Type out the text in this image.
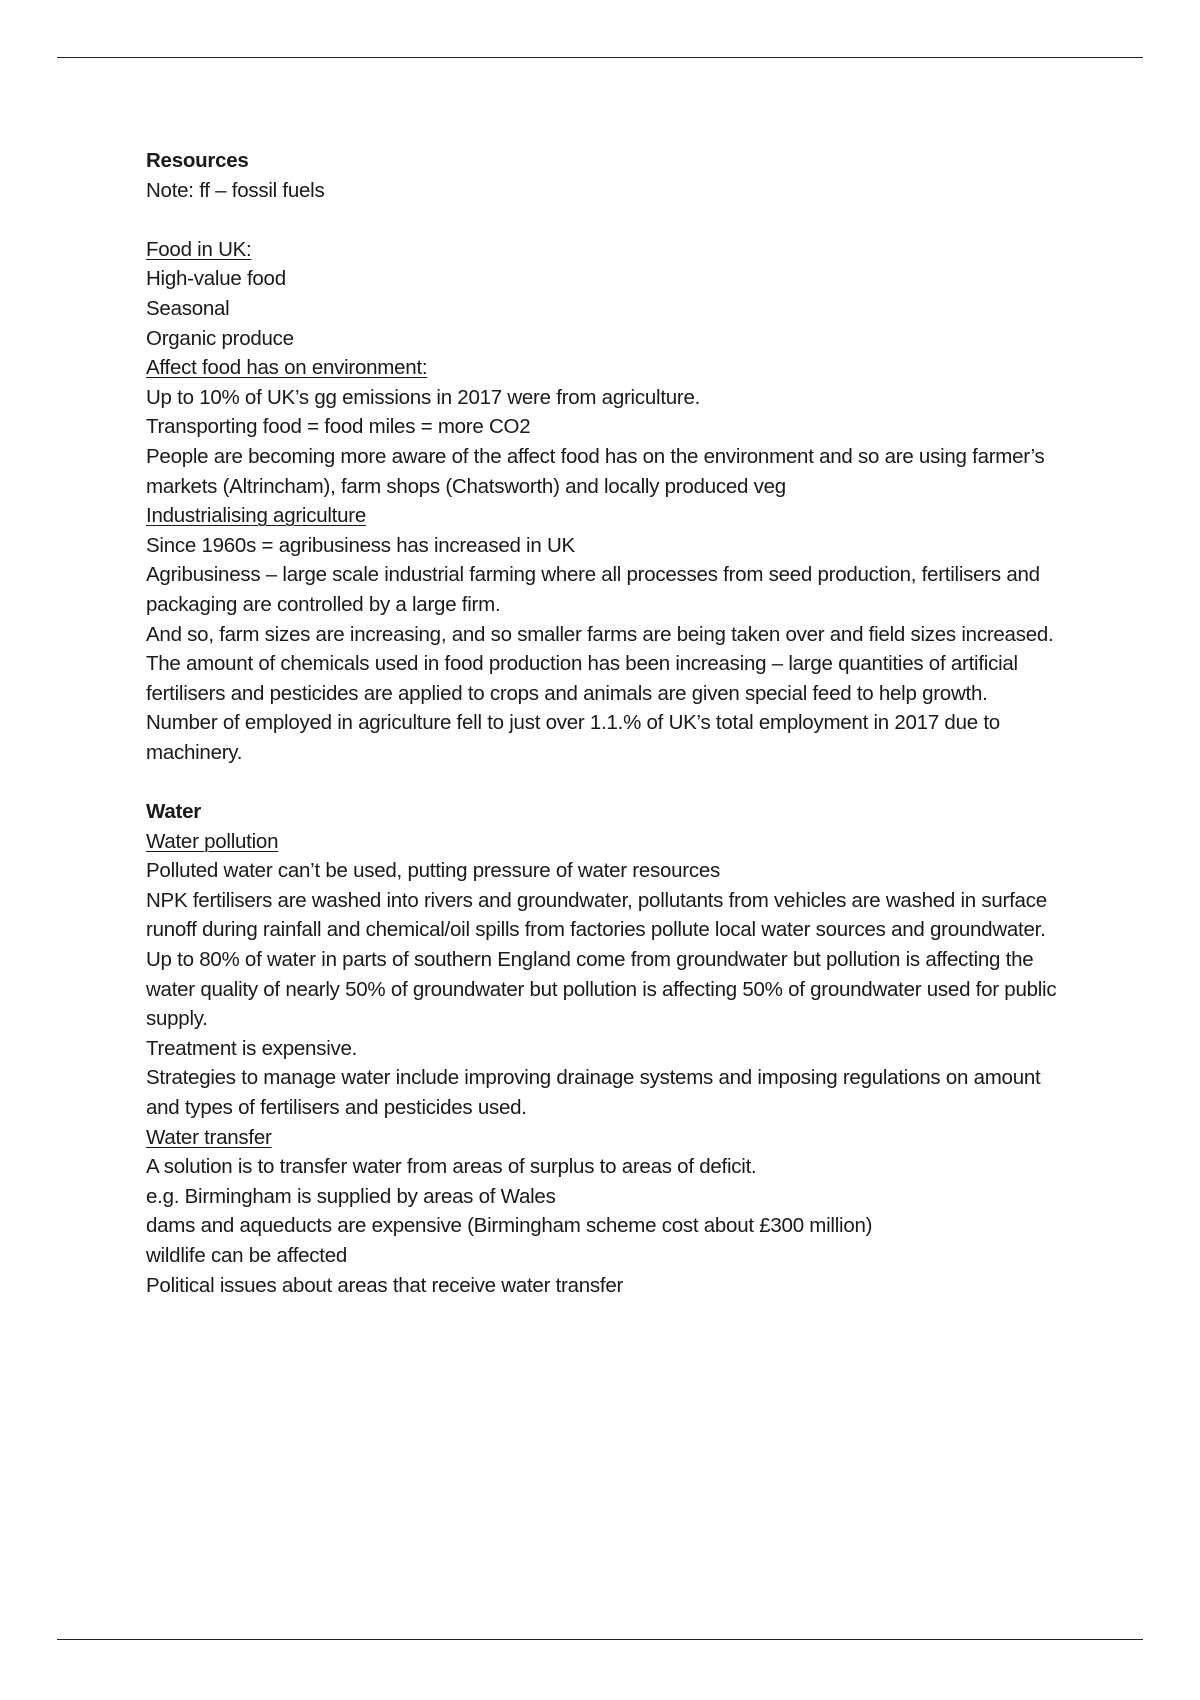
Resources

Note: ff – fossil fuels

Food in UK:

High-value food

Seasonal

Organic produce

Affect food has on environment:

Up to 10% of UK’s gg emissions in 2017 were from agriculture.

Transporting food = food miles = more CO2

People are becoming more aware of the affect food has on the environment and so are using farmer’s markets (Altrincham), farm shops (Chatsworth) and locally produced veg

Industrialising agriculture

Since 1960s = agribusiness has increased in UK

Agribusiness – large scale industrial farming where all processes from seed production, fertilisers and packaging are controlled by a large firm.

And so, farm sizes are increasing, and so smaller farms are being taken over and field sizes increased.

The amount of chemicals used in food production has been increasing – large quantities of artificial fertilisers and pesticides are applied to crops and animals are given special feed to help growth.

Number of employed in agriculture fell to just over 1.1.% of UK’s total employment in 2017 due to machinery.

Water

Water pollution

Polluted water can’t be used, putting pressure of water resources

NPK fertilisers are washed into rivers and groundwater, pollutants from vehicles are washed in surface runoff during rainfall and chemical/oil spills from factories pollute local water sources and groundwater.

Up to 80% of water in parts of southern England come from groundwater but pollution is affecting the water quality of nearly 50% of groundwater but pollution is affecting 50% of groundwater used for public supply.

Treatment is expensive.

Strategies to manage water include improving drainage systems and imposing regulations on amount and types of fertilisers and pesticides used.

Water transfer

A solution is to transfer water from areas of surplus to areas of deficit.

e.g. Birmingham is supplied by areas of Wales

dams and aqueducts are expensive (Birmingham scheme cost about £300 million)

wildlife can be affected

Political issues about areas that receive water transfer
